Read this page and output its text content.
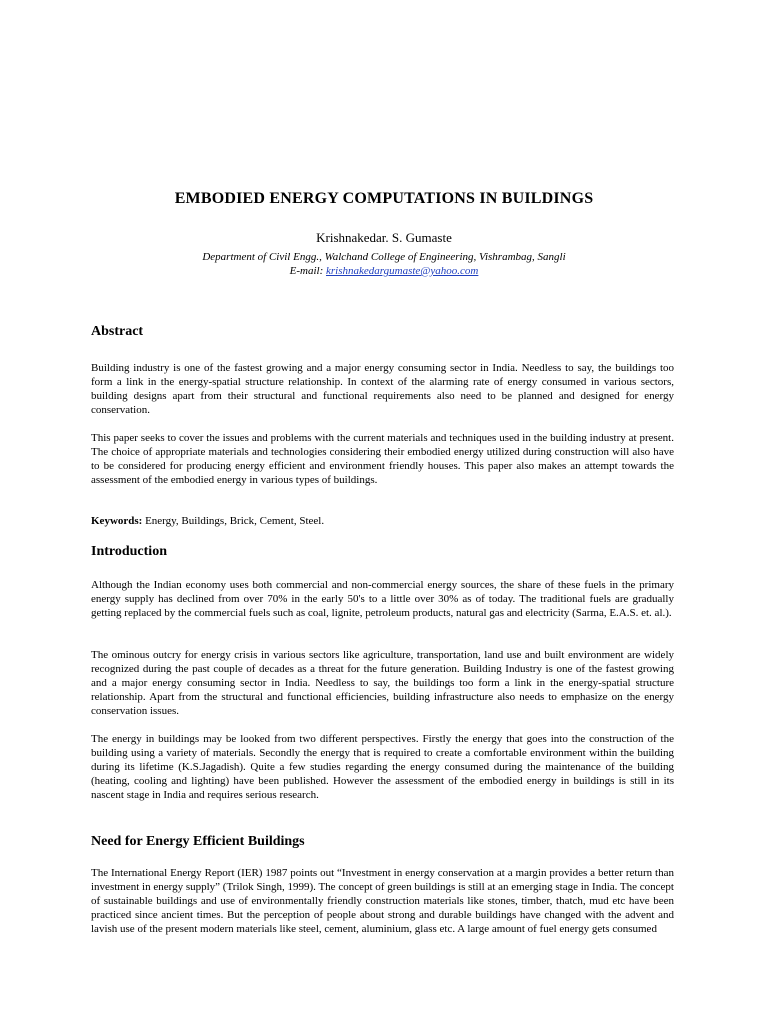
EMBODIED ENERGY COMPUTATIONS IN BUILDINGS
Krishnakedar. S. Gumaste
Department of Civil Engg., Walchand College of Engineering, Vishrambag, Sangli
E-mail: krishnakedargumaste@yahoo.com
Abstract

Building industry is one of the fastest growing and a major energy consuming sector in India. Needless to say, the buildings too form a link in the energy-spatial structure relationship. In context of the alarming rate of energy consumed in various sectors, building designs apart from their structural and functional requirements also need to be planned and designed for energy conservation.

This paper seeks to cover the issues and problems with the current materials and techniques used in the building industry at present. The choice of appropriate materials and technologies considering their embodied energy utilized during construction will also have to be considered for producing energy efficient and environment friendly houses. This paper also makes an attempt towards the assessment of the embodied energy in various types of buildings.

Keywords: Energy, Buildings, Brick, Cement, Steel.

Introduction

Although the Indian economy uses both commercial and non-commercial energy sources, the share of these fuels in the primary energy supply has declined from over 70% in the early 50's to a little over 30% as of today. The traditional fuels are gradually getting replaced by the commercial fuels such as coal, lignite, petroleum products, natural gas and electricity (Sarma, E.A.S. et. al.).

The ominous outcry for energy crisis in various sectors like agriculture, transportation, land use and built environment are widely recognized during the past couple of decades as a threat for the future generation. Building Industry is one of the fastest growing and a major energy consuming sector in India. Needless to say, the buildings too form a link in the energy-spatial structure relationship. Apart from the structural and functional efficiencies, building infrastructure also needs to emphasize on the energy conservation issues.

The energy in buildings may be looked from two different perspectives. Firstly the energy that goes into the construction of the building using a variety of materials. Secondly the energy that is required to create a comfortable environment within the building during its lifetime (K.S.Jagadish). Quite a few studies regarding the energy consumed during the maintenance of the building (heating, cooling and lighting) have been published. However the assessment of the embodied energy in buildings is still in its nascent stage in India and requires serious research.

Need for Energy Efficient Buildings

The International Energy Report (IER) 1987 points out “Investment in energy conservation at a margin provides a better return than investment in energy supply” (Trilok Singh, 1999). The concept of green buildings is still at an emerging stage in India. The concept of sustainable buildings and use of environmentally friendly construction materials like stones, timber, thatch, mud etc have been practiced since ancient times. But the perception of people about strong and durable buildings have changed with the advent and lavish use of the present modern materials like steel, cement, aluminium, glass etc. A large amount of fuel energy gets consumed
